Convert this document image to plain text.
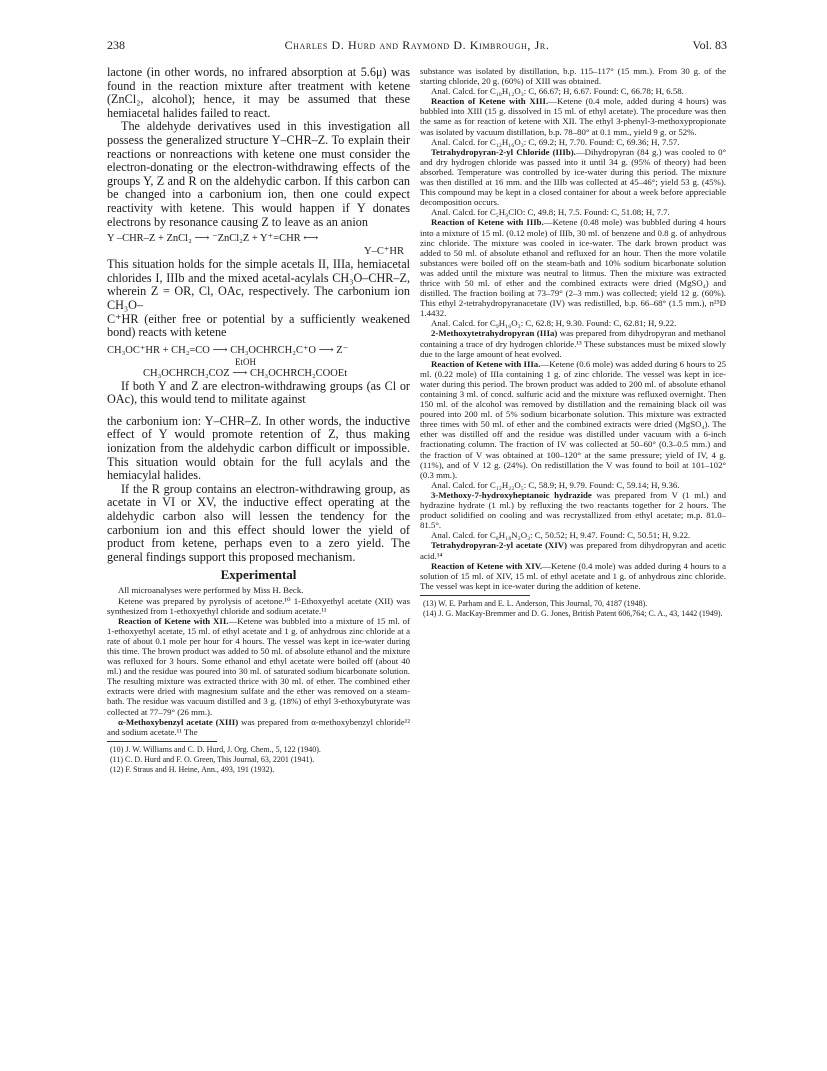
238	Charles D. Hurd and Raymond D. Kimbrough, Jr.	Vol. 83

lactone (in other words, no infrared absorption at 5.6μ) was found in the reaction mixture after treatment with ketene (ZnCl₂, alcohol); hence, it may be assumed that these hemiacetal halides failed to react.

The aldehyde derivatives used in this investigation all possess the generalized structure Y–CHR–Z. To explain their reactions or nonreactions with ketene one must consider the electron-donating or the electron-withdrawing effects of the groups Y, Z and R on the aldehydic carbon. If this carbon can be changed into a carbonium ion, then one could expect reactivity with ketene. This would happen if Y donates electrons by resonance causing Z to leave as an anion

Y –CHR–Z + ZnCl₂ ⟶ ⁻ZnCl₂Z + Y⁺=CHR ⟷
Y–C⁺HR

This situation holds for the simple acetals II, IIIa, hemiacetal chlorides I, IIIb and the mixed acetal-acylals CH₃O–CHR–Z, wherein Z = OR, Cl, OAc, respectively. The carbonium ion CH₃O–

C⁺HR (either free or potential by a sufficiently weakened bond) reacts with ketene

CH₃OC⁺HR + CH₂=CO ⟶ CH₃OCHRCH₂C⁺O ⟶ Z⁻
EtOH
CH₃OCHRCH₂COZ ⟶ CH₃OCHRCH₂COOEt

If both Y and Z are electron-withdrawing groups (as Cl or OAc), this would tend to militate against

the carbonium ion: Y–CHR–Z. In other words, the inductive effect of Y would promote retention of Z, thus making ionization from the aldehydic carbon difficult or impossible. This situation would obtain for the full acylals and the hemiacylal halides.

If the R group contains an electron-withdrawing group, as acetate in VI or XV, the inductive effect operating at the aldehydic carbon also will lessen the tendency for the carbonium ion and this effect should lower the yield of product from ketene, perhaps even to a zero yield. The general findings support this proposed mechanism.

Experimental

All microanalyses were performed by Miss H. Beck.

Ketene was prepared by pyrolysis of acetone.¹⁰ 1-Ethoxyethyl acetate (XII) was synthesized from 1-ethoxyethyl chloride and sodium acetate.¹¹

Reaction of Ketene with XII.—Ketene was bubbled into a mixture of 15 ml. of 1-ethoxyethyl acetate, 15 ml. of ethyl acetate and 1 g. of anhydrous zinc chloride at a rate of about 0.1 mole per hour for 4 hours. The vessel was kept in ice-water during this time. The brown product was added to 50 ml. of absolute ethanol and the mixture was refluxed for 3 hours. Some ethanol and ethyl acetate were boiled off (about 40 ml.) and the residue was poured into 30 ml. of saturated sodium bicarbonate solution. The resulting mixture was extracted thrice with 30 ml. of ether. The combined ether extracts were dried with magnesium sulfate and the ether was removed on a steam-bath. The residue was vacuum distilled and 3 g. (18%) of ethyl 3-ethoxybutyrate was collected at 77–79° (26 mm.).

α-Methoxybenzyl acetate (XIII) was prepared from α-methoxybenzyl chloride¹² and sodium acetate.¹¹ The

(10) J. W. Williams and C. D. Hurd, J. Org. Chem., 5, 122 (1940).
(11) C. D. Hurd and F. O. Green, This Journal, 63, 2201 (1941).
(12) F. Straus and H. Heine, Ann., 493, 191 (1932).

substance was isolated by distillation, b.p. 115–117° (15 mm.). From 30 g. of the starting chloride, 20 g. (60%) of XIII was obtained.

Anal. Calcd. for C₁₀H₁₂O₃: C, 66.67; H, 6.67. Found: C, 66.78; H, 6.58.

Reaction of Ketene with XIII.—Ketene (0.4 mole, added during 4 hours) was bubbled into XIII (15 g. dissolved in 15 ml. of ethyl acetate). The procedure was then the same as for reaction of ketene with XII. The ethyl 3-phenyl-3-methoxypropionate was isolated by vacuum distillation, b.p. 78–80° at 0.1 mm., yield 9 g. or 52%.

Anal. Calcd. for C₁₂H₁₆O₃: C, 69.2; H, 7.70. Found: C, 69.36; H, 7.57.

Tetrahydropyran-2-yl Chloride (IIIb).—Dihydropyran (84 g.) was cooled to 0° and dry hydrogen chloride was passed into it until 34 g. (95% of theory) had been absorbed. Temperature was controlled by ice-water during this period. The mixture was then distilled at 16 mm. and the IIIb was collected at 45–46°; yield 53 g. (45%). This compound may be kept in a closed container for about a week before appreciable decomposition occurs.

Anal. Calcd. for C₅H₉ClO: C, 49.8; H, 7.5. Found: C, 51.08; H, 7.7.

Reaction of Ketene with IIIb.—Ketene (0.48 mole) was bubbled during 4 hours into a mixture of 15 ml. (0.12 mole) of IIIb, 30 ml. of benzene and 0.8 g. of anhydrous zinc chloride. The mixture was cooled in ice-water. The dark brown product was added to 50 ml. of absolute ethanol and refluxed for an hour. Then the more volatile substances were boiled off on the steam-bath and 10% sodium bicarbonate solution was added until the mixture was neutral to litmus. Then the mixture was extracted thrice with 50 ml. of ether and the combined extracts were dried (MgSO₄) and distilled. The fraction boiling at 73–79° (2–3 mm.) was collected; yield 12 g. (60%). This ethyl 2-tetrahydropyranacetate (IV) was redistilled, b.p. 66–68° (1.5 mm.), n²⁵D 1.4432.

Anal. Calcd. for C₉H₁₆O₃: C, 62.8; H, 9.30. Found: C, 62.81; H, 9.22.

2-Methoxytetrahydropyran (IIIa) was prepared from dihydropyran and methanol containing a trace of dry hydrogen chloride.¹³ These substances must be mixed slowly due to the large amount of heat evolved.

Reaction of Ketene with IIIa.—Ketene (0.6 mole) was added during 6 hours to 25 ml. (0.22 mole) of IIIa containing 1 g. of zinc chloride. The vessel was kept in ice-water during this period. The brown product was added to 200 ml. of absolute ethanol containing 3 ml. of concd. sulfuric acid and the mixture was refluxed overnight. Then 150 ml. of the alcohol was removed by distillation and the remaining black oil was poured into 200 ml. of 5% sodium bicarbonate solution. This mixture was extracted three times with 50 ml. of ether and the combined extracts were dried (MgSO₄). The ether was distilled off and the residue was distilled under vacuum with a 6-inch fractionating column. The fraction of IV was collected at 50–60° (0.3–0.5 mm.) and the fraction of V was obtained at 100–120° at the same pressure; yield of IV, 4 g. (11%), and of V 12 g. (24%). On redistillation the V was found to boil at 101–102° (0.3 mm.).

Anal. Calcd. for C₁₂H₂₂O₅: C, 58.9; H, 9.79. Found: C, 59.14; H, 9.36.

3-Methoxy-7-hydroxyheptanoic hydrazide was prepared from V (1 ml.) and hydrazine hydrate (1 ml.) by refluxing the two reactants together for 2 hours. The product solidified on cooling and was recrystallized from ethyl acetate; m.p. 81.0–81.5°.

Anal. Calcd. for C₈H₁₈N₂O₃: C, 50.52; H, 9.47. Found: C, 50.51; H, 9.22.

Tetrahydropyran-2-yl acetate (XIV) was prepared from dihydropyran and acetic acid.¹⁴

Reaction of Ketene with XIV.—Ketene (0.4 mole) was added during 4 hours to a solution of 15 ml. of XIV, 15 ml. of ethyl acetate and 1 g. of anhydrous zinc chloride. The vessel was kept in ice-water during the addition of ketene.

(13) W. E. Parham and E. L. Anderson, This Journal, 70, 4187 (1948).
(14) J. G. MacKay-Bremmer and D. G. Jones, British Patent 606,764; C. A., 43, 1442 (1949).
